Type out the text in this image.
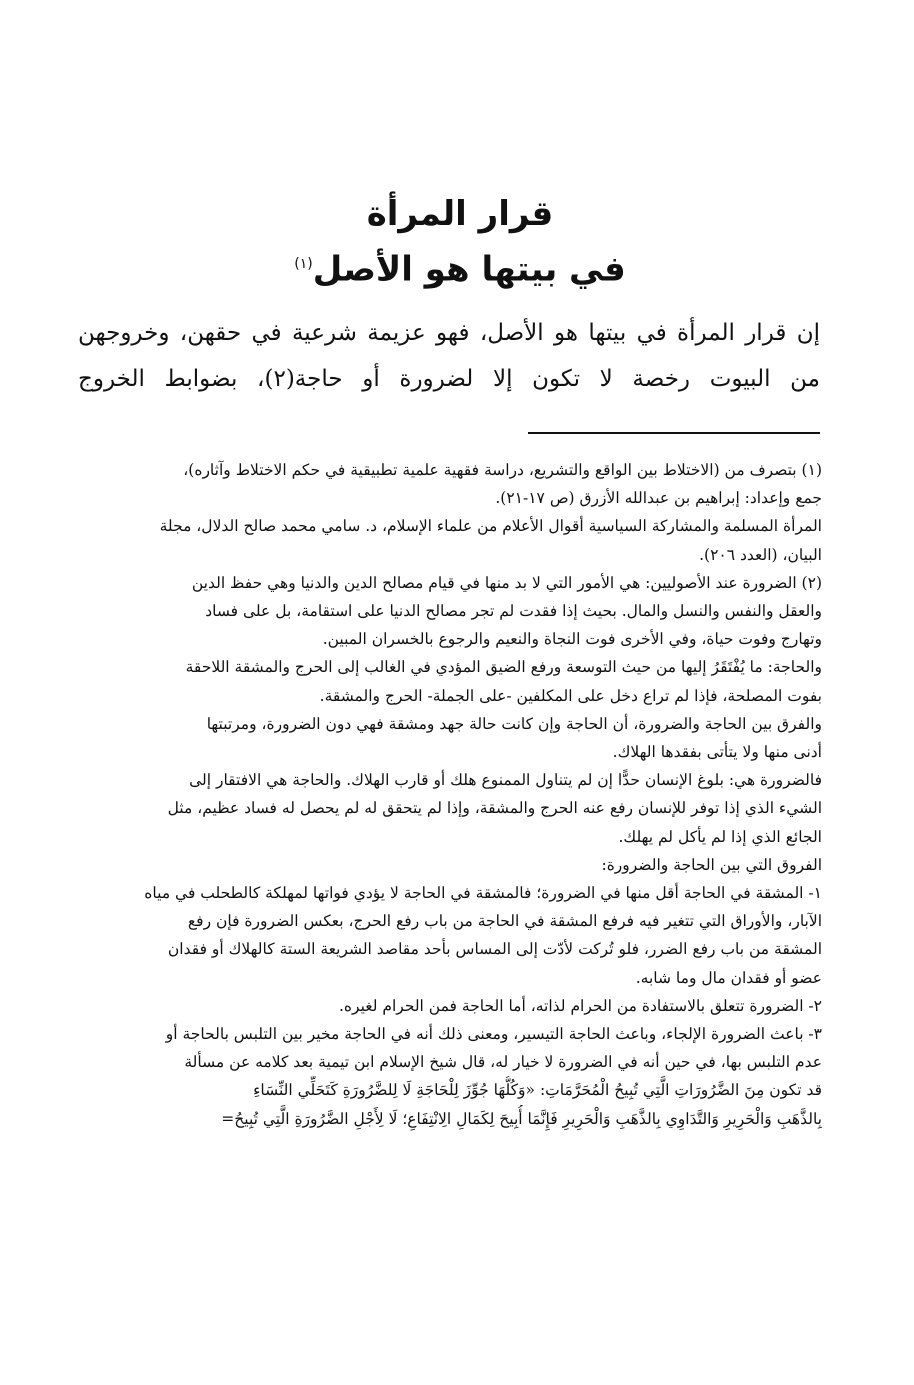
قرار المرأة
في بيتها هو الأصل$^{(١)}$
إن قرار المرأة في بيتها هو الأصل، فهو عزيمة شرعية في حقهن، وخروجهن من البيوت رخصة لا تكون إلا لضرورة أو حاجة(٢)، بضوابط الخروج
(١) بتصرف من (الاختلاط بين الواقع والتشريع، دراسة فقهية علمية تطبيقية في حكم الاختلاط وآثاره)،
جمع وإعداد: إبراهيم بن عبدالله الأزرق (ص ١٧-٢١).
المرأة المسلمة والمشاركة السياسية أقوال الأعلام من علماء الإسلام، د. سامي محمد صالح الدلال، مجلة
البيان، (العدد ٢٠٦).
(٢) الضرورة عند الأصوليين: هي الأمور التي لا بد منها في قيام مصالح الدين والدنيا وهي حفظ الدين
والعقل والنفس والنسل والمال. بحيث إذا فقدت لم تجر مصالح الدنيا على استقامة، بل على فساد
وتهارج وفوت حياة، وفي الأخرى فوت النجاة والنعيم والرجوع بالخسران المبين.
والحاجة: ما يُفْتَقَرُ إليها من حيث التوسعة ورفع الضيق المؤدي في الغالب إلى الحرج والمشقة اللاحقة
بفوت المصلحة، فإذا لم تراع دخل على المكلفين -على الجملة- الحرج والمشقة.
والفرق بين الحاجة والضرورة، أن الحاجة وإن كانت حالة جهد ومشقة فهي دون الضرورة، ومرتبتها
أدنى منها ولا يتأتى بفقدها الهلاك.
فالضرورة هي: بلوغ الإنسان حدًّا إن لم يتناول الممنوع هلك أو قارب الهلاك. والحاجة هي الافتقار إلى
الشيء الذي إذا توفر للإنسان رفع عنه الحرج والمشقة، وإذا لم يتحقق له لم يحصل له فساد عظيم، مثل
الجائع الذي إذا لم يأكل لم يهلك.
الفروق التي بين الحاجة والضرورة:
١- المشقة في الحاجة أقل منها في الضرورة؛ فالمشقة في الحاجة لا يؤدي فواتها لمهلكة كالطحلب في مياه
الآبار، والأوراق التي تتغير فيه فرفع المشقة في الحاجة من باب رفع الحرج، بعكس الضرورة فإن رفع
المشقة من باب رفع الضرر، فلو تُركت لأدّت إلى المساس بأحد مقاصد الشريعة الستة كالهلاك أو فقدان
عضو أو فقدان مال وما شابه.
٢- الضرورة تتعلق بالاستفادة من الحرام لذاته، أما الحاجة فمن الحرام لغيره.
٣- باعث الضرورة الإلجاء، وباعث الحاجة التيسير، ومعنى ذلك أنه في الحاجة مخير بين التلبس بالحاجة أو
عدم التلبس بها، في حين أنه في الضرورة لا خيار له، قال شيخ الإسلام ابن تيمية بعد كلامه عن مسألة
قد تكون مِنَ الضَّرُورَاتِ الَّتِي تُبِيحُ الْمُحَرَّمَاتِ: «وَكُلُّهَا جُوِّزَ لِلْحَاجَةِ لَا لِلضَّرُورَةِ كَتَحَلِّي النِّسَاءِ
بِالذَّهَبِ وَالْحَرِيرِ وَالتَّدَاوِي بِالذَّهَبِ وَالْحَرِيرِ فَإِنَّمَا أُبِيحَ لِكَمَالِ الِانْتِفَاعِ؛ لَا لِأَجْلِ الضَّرُورَةِ الَّتِي تُبِيحُ=
